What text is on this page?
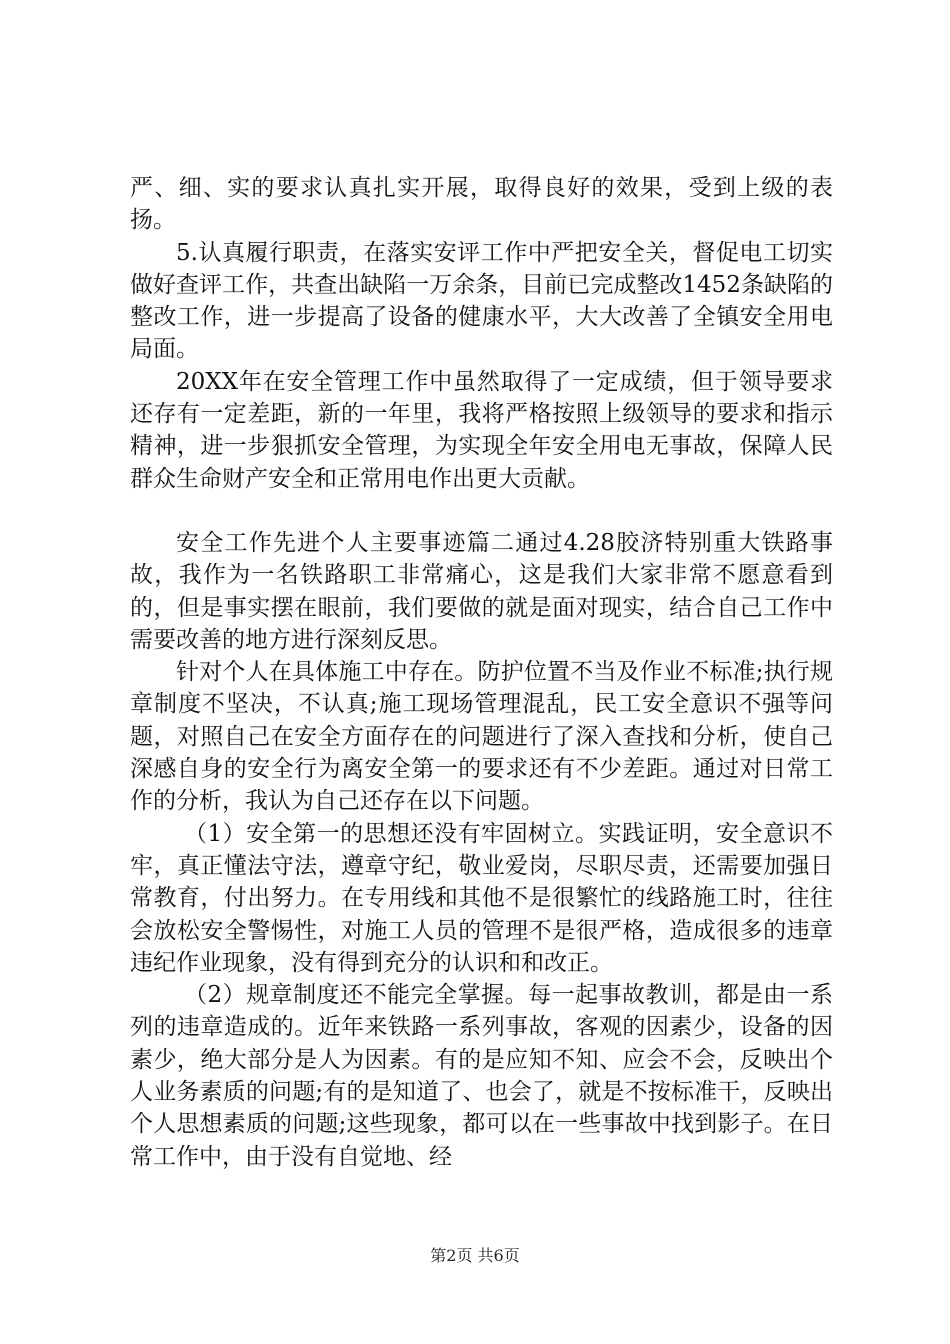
严、细、实的要求认真扎实开展，取得良好的效果，受到上级的表扬。

5.认真履行职责，在落实安评工作中严把安全关，督促电工切实做好查评工作，共查出缺陷一万余条，目前已完成整改1452条缺陷的整改工作，进一步提高了设备的健康水平，大大改善了全镇安全用电局面。

20XX年在安全管理工作中虽然取得了一定成绩，但于领导要求还存有一定差距，新的一年里，我将严格按照上级领导的要求和指示精神，进一步狠抓安全管理，为实现全年安全用电无事故，保障人民群众生命财产安全和正常用电作出更大贡献。

安全工作先进个人主要事迹篇二通过4.28胶济特别重大铁路事故，我作为一名铁路职工非常痛心，这是我们大家非常不愿意看到的，但是事实摆在眼前，我们要做的就是面对现实，结合自己工作中需要改善的地方进行深刻反思。

针对个人在具体施工中存在。防护位置不当及作业不标准;执行规章制度不坚决，不认真;施工现场管理混乱，民工安全意识不强等问题，对照自己在安全方面存在的问题进行了深入查找和分析，使自己深感自身的安全行为离安全第一的要求还有不少差距。通过对日常工作的分析，我认为自己还存在以下问题。

（1）安全第一的思想还没有牢固树立。实践证明，安全意识不牢，真正懂法守法，遵章守纪，敬业爱岗，尽职尽责，还需要加强日常教育，付出努力。在专用线和其他不是很繁忙的线路施工时，往往会放松安全警惕性，对施工人员的管理不是很严格，造成很多的违章违纪作业现象，没有得到充分的认识和和改正。

（2）规章制度还不能完全掌握。每一起事故教训，都是由一系列的违章造成的。近年来铁路一系列事故，客观的因素少，设备的因素少，绝大部分是人为因素。有的是应知不知、应会不会，反映出个人业务素质的问题;有的是知道了、也会了，就是不按标准干，反映出个人思想素质的问题;这些现象，都可以在一些事故中找到影子。在日常工作中，由于没有自觉地、经

第2页 共6页
